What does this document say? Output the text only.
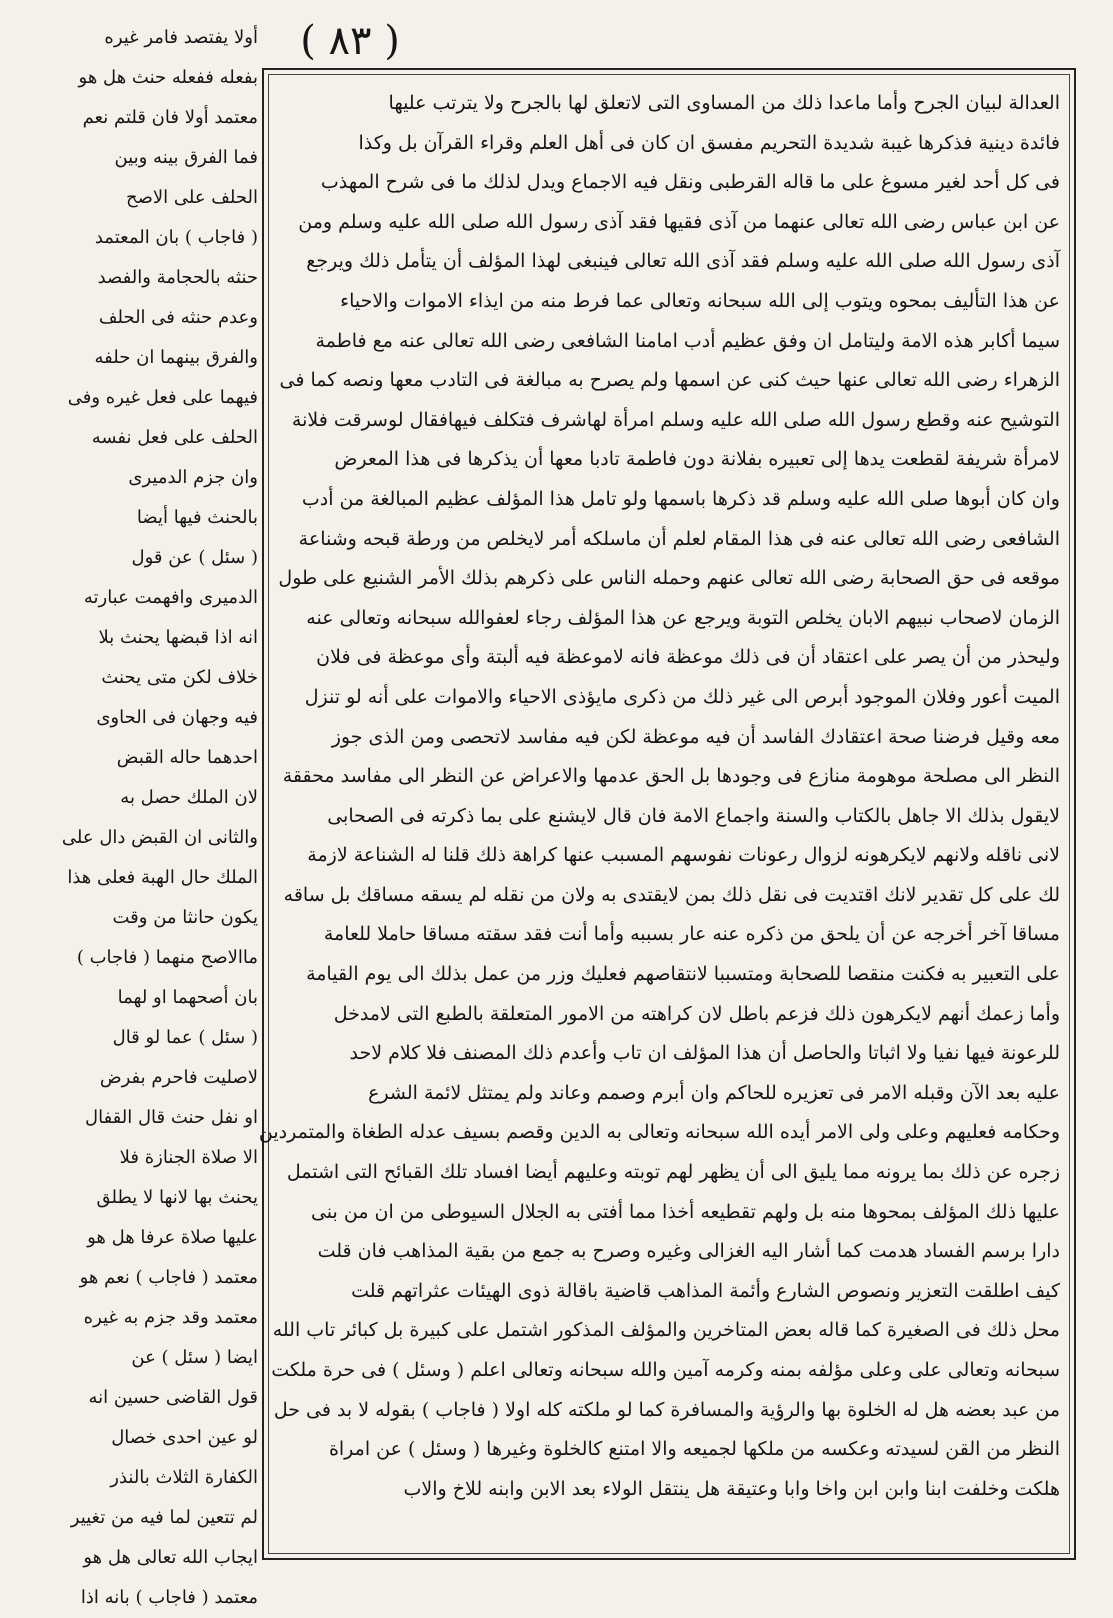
( ٨٣ )
العدالة لبيان الجرح وأما ماعدا ذلك من المساوى التى لاتعلق لها بالجرح ولا يترتب عليها
فائدة دينية فذكرها غيبة شديدة التحريم مفسق ان كان فى أهل العلم وقراء القرآن بل وكذا
فى كل أحد لغير مسوغ على ما قاله القرطبى ونقل فيه الاجماع ويدل لذلك ما فى شرح المهذب
عن ابن عباس رضى الله تعالى عنهما من آذى فقيها فقد آذى رسول الله صلى الله عليه وسلم ومن
آذى رسول الله صلى الله عليه وسلم فقد آذى الله تعالى فينبغى لهذا المؤلف أن يتأمل ذلك ويرجع
عن هذا التأليف بمحوه ويتوب إلى الله سبحانه وتعالى عما فرط منه من ايذاء الاموات والاحياء
سيما أكابر هذه الامة وليتامل ان وفق عظيم أدب امامنا الشافعى رضى الله تعالى عنه مع فاطمة
الزهراء رضى الله تعالى عنها حيث كنى عن اسمها ولم يصرح به مبالغة فى التادب معها ونصه كما فى
التوشيح عنه وقطع رسول الله صلى الله عليه وسلم امرأة لهاشرف فتكلف فيهافقال لوسرقت فلانة
لامرأة شريفة لقطعت يدها إلى تعبيره بفلانة دون فاطمة تادبا معها أن يذكرها فى هذا المعرض
وان كان أبوها صلى الله عليه وسلم قد ذكرها باسمها ولو تامل هذا المؤلف عظيم المبالغة من أدب
الشافعى رضى الله تعالى عنه فى هذا المقام لعلم أن ماسلكه أمر لايخلص من ورطة قبحه وشناعة
موقعه فى حق الصحابة رضى الله تعالى عنهم وحمله الناس على ذكرهم بذلك الأمر الشنيع على طول
الزمان لاصحاب نبيهم الابان يخلص التوبة ويرجع عن هذا المؤلف رجاء لعفوالله سبحانه وتعالى عنه
وليحذر من أن يصر على اعتقاد أن فى ذلك موعظة فانه لاموعظة فيه ألبتة وأى موعظة فى فلان
الميت أعور وفلان الموجود أبرص الى غير ذلك من ذكرى مايؤذى الاحياء والاموات على أنه لو تنزل
معه وقيل فرضنا صحة اعتقادك الفاسد أن فيه موعظة لكن فيه مفاسد لاتحصى ومن الذى جوز
النظر الى مصلحة موهومة منازع فى وجودها بل الحق عدمها والاعراض عن النظر الى مفاسد محققة
لايقول بذلك الا جاهل بالكتاب والسنة واجماع الامة فان قال لايشنع على بما ذكرته فى الصحابى
لانى ناقله ولانهم لايكرهونه لزوال رعونات نفوسهم المسبب عنها كراهة ذلك قلنا له الشناعة لازمة
لك على كل تقدير لانك اقتديت فى نقل ذلك بمن لايقتدى به ولان من نقله لم يسقه مساقك بل ساقه
مساقا آخر أخرجه عن أن يلحق من ذكره عنه عار بسببه وأما أنت فقد سقته مساقا حاملا للعامة
على التعبير به فكنت منقصا للصحابة ومتسببا لانتقاصهم فعليك وزر من عمل بذلك الى يوم القيامة
وأما زعمك أنهم لايكرهون ذلك فزعم باطل لان كراهته من الامور المتعلقة بالطبع التى لامدخل
للرعونة فيها نفيا ولا اثباتا والحاصل أن هذا المؤلف ان تاب وأعدم ذلك المصنف فلا كلام لاحد
عليه بعد الآن وقبله الامر فى تعزيره للحاكم وان أبرم وصمم وعاند ولم يمتثل لائمة الشرع
وحكامه فعليهم وعلى ولى الامر أيده الله سبحانه وتعالى به الدين وقصم بسيف عدله الطغاة والمتمردين
زجره عن ذلك بما يرونه مما يليق الى أن يظهر لهم توبته وعليهم أيضا افساد تلك القبائح التى اشتمل
عليها ذلك المؤلف بمحوها منه بل ولهم تقطيعه أخذا مما أفتى به الجلال السيوطى من ان من بنى
دارا برسم الفساد هدمت كما أشار اليه الغزالى وغيره وصرح به جمع من بقية المذاهب فان قلت
كيف اطلقت التعزير ونصوص الشارع وأئمة المذاهب قاضية باقالة ذوى الهيئات عثراتهم قلت
محل ذلك فى الصغيرة كما قاله بعض المتاخرين والمؤلف المذكور اشتمل على كبيرة بل كبائر تاب الله
سبحانه وتعالى على وعلى مؤلفه بمنه وكرمه آمين والله سبحانه وتعالى اعلم ( وسئل ) فى حرة ملكت
من عبد بعضه هل له الخلوة بها والرؤية والمسافرة كما لو ملكته كله اولا ( فاجاب ) بقوله لا بد فى حل
النظر من القن لسيدته وعكسه من ملكها لجميعه والا امتنع كالخلوة وغيرها ( وسئل ) عن امراة
هلكت وخلفت ابنا وابن ابن واخا وابا وعتيقة هل ينتقل الولاء بعد الابن وابنه للاخ والاب
أولا يفتصد فامر غيره
بفعله ففعله حنث هل هو
معتمد أولا فان قلتم نعم
فما الفرق بينه وبين
الحلف على الاصح
( فاجاب ) بان المعتمد
حنثه بالحجامة والفصد
وعدم حنثه فى الحلف
والفرق بينهما ان حلفه
فيهما على فعل غيره وفى
الحلف على فعل نفسه
وان جزم الدميرى
بالحنث فيها أيضا
( سئل ) عن قول
الدميرى وافهمت عبارته
انه اذا قبضها يحنث بلا
خلاف لكن متى يحنث
فيه وجهان فى الحاوى
احدهما حاله القبض
لان الملك حصل به
والثانى ان القبض دال على
الملك حال الهبة فعلى هذا
يكون حانثا من وقت
ماالاصح منهما ( فاجاب )
بان أصحهما او لهما
( سئل ) عما لو قال
لاصليت فاحرم بفرض
او نفل حنث قال القفال
الا صلاة الجنازة فلا
يحنث بها لانها لا يطلق
عليها صلاة عرفا هل هو
معتمد ( فاجاب ) نعم هو
معتمد وقد جزم به غيره
ايضا ( سئل ) عن
قول القاضى حسين انه
لو عين احدى خصال
الكفارة الثلاث بالنذر
لم تتعين لما فيه من تغيير
ايجاب الله تعالى هل هو
معتمد ( فاجاب ) بانه اذا
